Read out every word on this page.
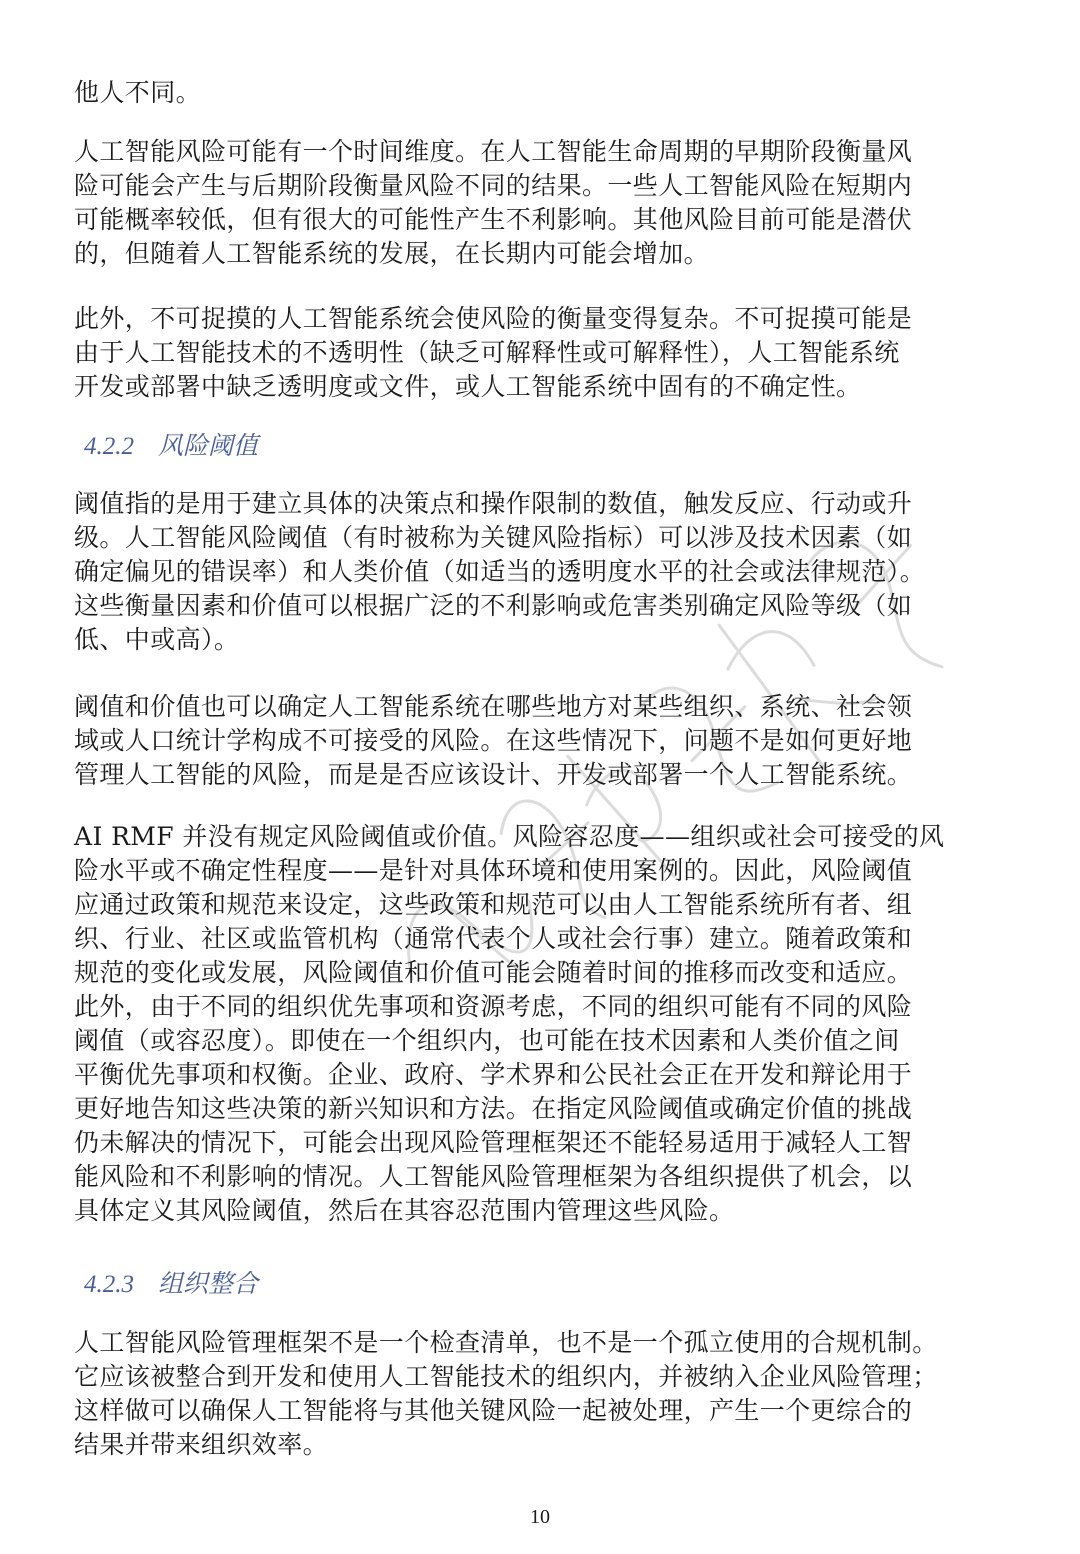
他人不同。
人工智能风险可能有一个时间维度。在人工智能生命周期的早期阶段衡量风
险可能会产生与后期阶段衡量风险不同的结果。一些人工智能风险在短期内
可能概率较低，但有很大的可能性产生不利影响。其他风险目前可能是潜伏
的，但随着人工智能系统的发展，在长期内可能会增加。
此外，不可捉摸的人工智能系统会使风险的衡量变得复杂。不可捉摸可能是
由于人工智能技术的不透明性（缺乏可解释性或可解释性），人工智能系统
开发或部署中缺乏透明度或文件，或人工智能系统中固有的不确定性。
4.2.2 风险阈值
阈值指的是用于建立具体的决策点和操作限制的数值，触发反应、行动或升
级。人工智能风险阈值（有时被称为关键风险指标）可以涉及技术因素（如
确定偏见的错误率）和人类价值（如适当的透明度水平的社会或法律规范）。
这些衡量因素和价值可以根据广泛的不利影响或危害类别确定风险等级（如
低、中或高）。
阈值和价值也可以确定人工智能系统在哪些地方对某些组织、系统、社会领
域或人口统计学构成不可接受的风险。在这些情况下，问题不是如何更好地
管理人工智能的风险，而是是否应该设计、开发或部署一个人工智能系统。
AI RMF 并没有规定风险阈值或价值。风险容忍度——组织或社会可接受的风
险水平或不确定性程度——是针对具体环境和使用案例的。因此，风险阈值
应通过政策和规范来设定，这些政策和规范可以由人工智能系统所有者、组
织、行业、社区或监管机构（通常代表个人或社会行事）建立。随着政策和
规范的变化或发展，风险阈值和价值可能会随着时间的推移而改变和适应。
此外，由于不同的组织优先事项和资源考虑，不同的组织可能有不同的风险
阈值（或容忍度）。即使在一个组织内，也可能在技术因素和人类价值之间
平衡优先事项和权衡。企业、政府、学术界和公民社会正在开发和辩论用于
更好地告知这些决策的新兴知识和方法。在指定风险阈值或确定价值的挑战
仍未解决的情况下，可能会出现风险管理框架还不能轻易适用于减轻人工智
能风险和不利影响的情况。人工智能风险管理框架为各组织提供了机会，以
具体定义其风险阈值，然后在其容忍范围内管理这些风险。
4.2.3 组织整合
人工智能风险管理框架不是一个检查清单，也不是一个孤立使用的合规机制。
它应该被整合到开发和使用人工智能技术的组织内，并被纳入企业风险管理；
这样做可以确保人工智能将与其他关键风险一起被处理，产生一个更综合的
结果并带来组织效率。

10
